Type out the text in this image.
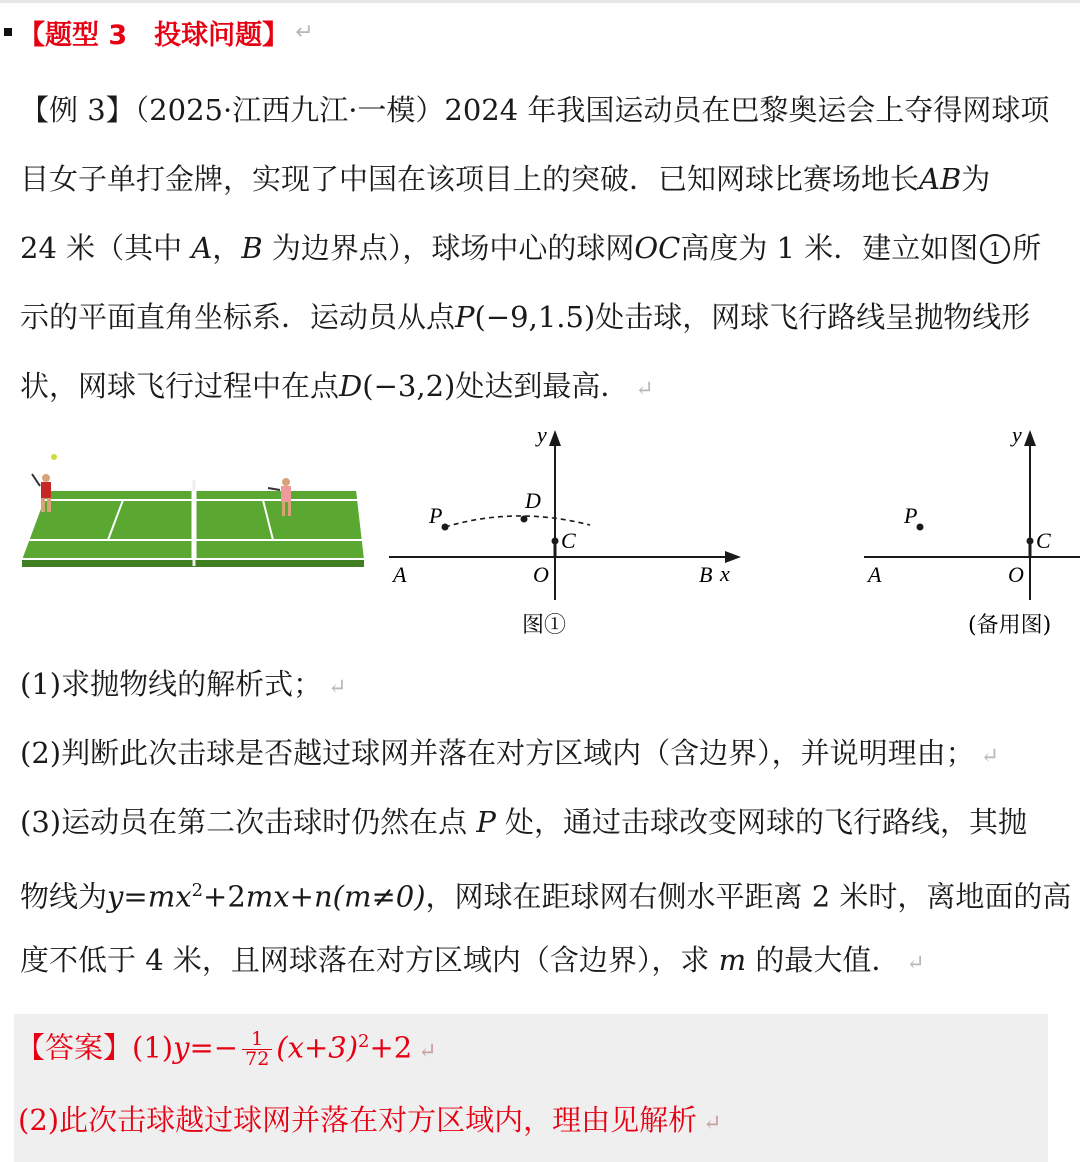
【题型 3　投球问题】 ↵
【例 3】（2025·江西九江·一模）2024 年我国运动员在巴黎奥运会上夺得网球项
目女子单打金牌，实现了中国在该项目上的突破．已知网球比赛场地长AB为
24 米（其中 A，B 为边界点），球场中心的球网OC高度为 1 米．建立如图 1 所
示的平面直角坐标系．运动员从点P(−9,1.5)处击球，网球飞行路线呈抛物线形
状，网球飞行过程中在点D(−3,2)处达到最高． ↵
y
x
A	O	B
P
D
C
图①
y
A	O
P
C
(备用图)
(1)求抛物线的解析式； ↵
(2)判断此次击球是否越过球网并落在对方区域内（含边界），并说明理由； ↵
(3)运动员在第二次击球时仍然在点 P 处，通过击球改变网球的飞行路线，其抛
物线为$y=mx^2+2mx+n(m\ne 0)$，网球在距球网右侧水平距离 2 米时，离地面的高
度不低于 4 米，且网球落在对方区域内（含边界），求 m 的最大值． ↵
【答案】$(1)y=- \frac{1}{72} (x+3)^2+2$ ↵
(2)此次击球越过球网并落在对方区域内，理由见解析 ↵
